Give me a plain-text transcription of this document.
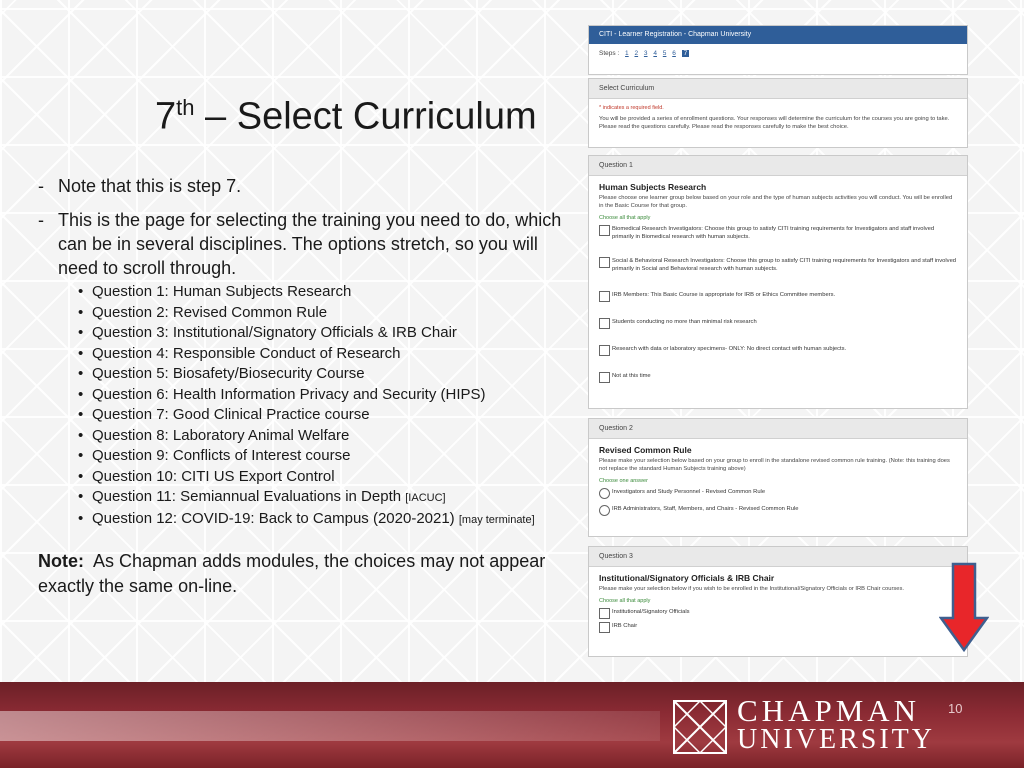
7th – Select Curriculum
- Note that this is step 7.
- This is the page for selecting the training you need to do, which can be in several disciplines. The options stretch, so you will need to scroll through.
• Question 1: Human Subjects Research
• Question 2: Revised Common Rule
• Question 3: Institutional/Signatory Officials & IRB Chair
• Question 4: Responsible Conduct of Research
• Question 5: Biosafety/Biosecurity Course
• Question 6: Health Information Privacy and Security (HIPS)
• Question 7: Good Clinical Practice course
• Question 8: Laboratory Animal Welfare
• Question 9: Conflicts of Interest course
• Question 10: CITI US Export Control
• Question 11: Semiannual Evaluations in Depth [IACUC]
• Question 12: COVID-19: Back to Campus (2020-2021) [may terminate]
Note: As Chapman adds modules, the choices may not appear exactly the same on-line.
CITI - Learner Registration - Chapman University
Steps : 1 2 3 4 5 6 7
Select Curriculum
* indicates a required field.
You will be provided a series of enrollment questions. Your responses will determine the curriculum for the courses you are going to take. Please read the questions carefully. Please read the responses carefully to make the best choice.
Question 1
Human Subjects Research
Please choose one learner group below based on your role and the type of human subjects activities you will conduct. You will be enrolled in the Basic Course for that group.
Choose all that apply
Biomedical Research Investigators: Choose this group to satisfy CITI training requirements for Investigators and staff involved primarily in Biomedical research with human subjects.
Social & Behavioral Research Investigators: Choose this group to satisfy CITI training requirements for Investigators and staff involved primarily in Social and Behavioral research with human subjects.
IRB Members: This Basic Course is appropriate for IRB or Ethics Committee members.
Students conducting no more than minimal risk research
Research with data or laboratory specimens- ONLY: No direct contact with human subjects.
Not at this time
Question 2
Revised Common Rule
Please make your selection below based on your group to enroll in the standalone revised common rule training. (Note: this training does not replace the standard Human Subjects training above)
Choose one answer
Investigators and Study Personnel - Revised Common Rule
IRB Administrators, Staff, Members, and Chairs - Revised Common Rule
Question 3
Institutional/Signatory Officials & IRB Chair
Please make your selection below if you wish to be enrolled in the Institutional/Signatory Officials or IRB Chair courses.
Choose all that apply
Institutional/Signatory Officials
IRB Chair
CHAPMAN
UNIVERSITY
10
